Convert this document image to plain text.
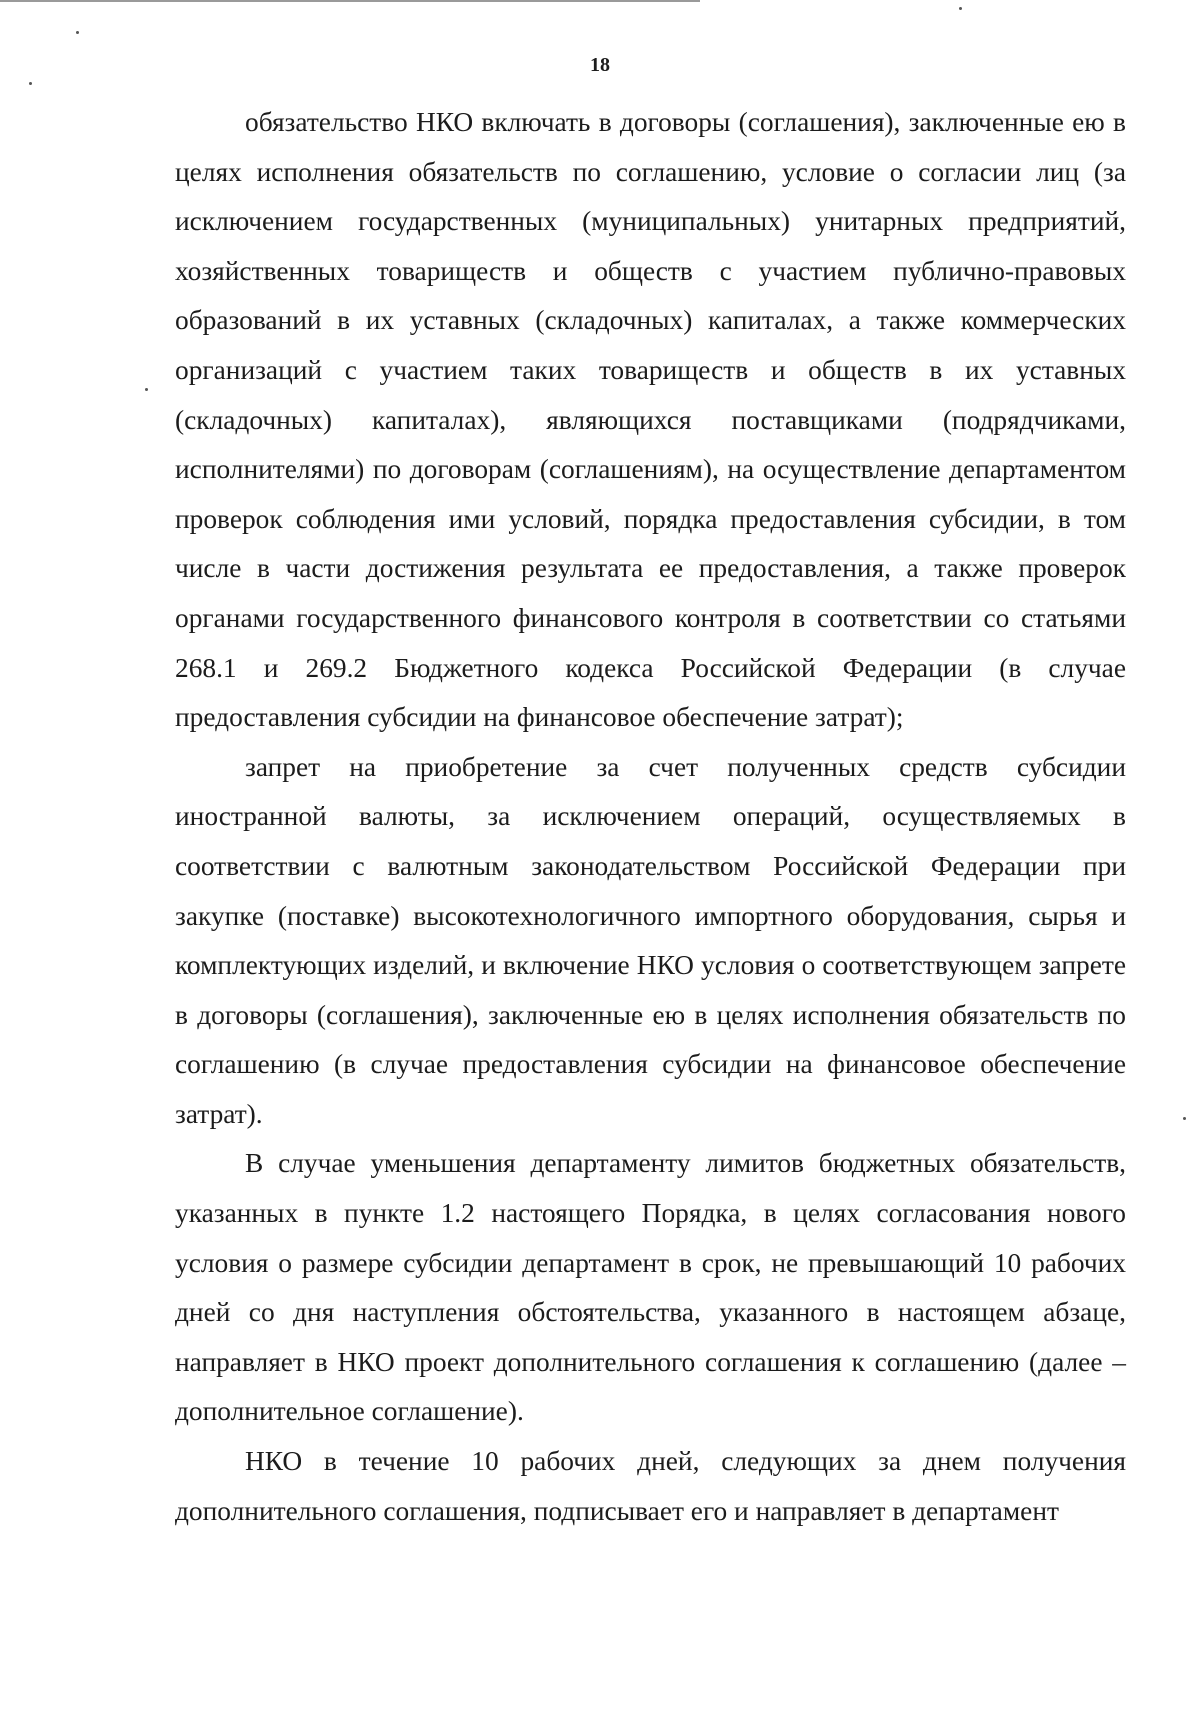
18

обязательство НКО включать в договоры (соглашения), заключенные ею в целях исполнения обязательств по соглашению, условие о согласии лиц (за исключением государственных (муниципальных) унитарных предприятий, хозяйственных товариществ и обществ с участием публично-правовых образований в их уставных (складочных) капиталах, а также коммерческих организаций с участием таких товариществ и обществ в их уставных (складочных) капиталах), являющихся поставщиками (подрядчиками, исполнителями) по договорам (соглашениям), на осуществление департаментом проверок соблюдения ими условий, порядка предоставления субсидии, в том числе в части достижения результата ее предоставления, а также проверок органами государственного финансового контроля в соответствии со статьями 268.1 и 269.2 Бюджетного кодекса Российской Федерации (в случае предоставления субсидии на финансовое обеспечение затрат);

запрет на приобретение за счет полученных средств субсидии иностранной валюты, за исключением операций, осуществляемых в соответствии с валютным законодательством Российской Федерации при закупке (поставке) высокотехнологичного импортного оборудования, сырья и комплектующих изделий, и включение НКО условия о соответствующем запрете в договоры (соглашения), заключенные ею в целях исполнения обязательств по соглашению (в случае предоставления субсидии на финансовое обеспечение затрат).

В случае уменьшения департаменту лимитов бюджетных обязательств, указанных в пункте 1.2 настоящего Порядка, в целях согласования нового условия о размере субсидии департамент в срок, не превышающий 10 рабочих дней со дня наступления обстоятельства, указанного в настоящем абзаце, направляет в НКО проект дополнительного соглашения к соглашению (далее – дополнительное соглашение).

НКО в течение 10 рабочих дней, следующих за днем получения дополнительного соглашения, подписывает его и направляет в департамент
